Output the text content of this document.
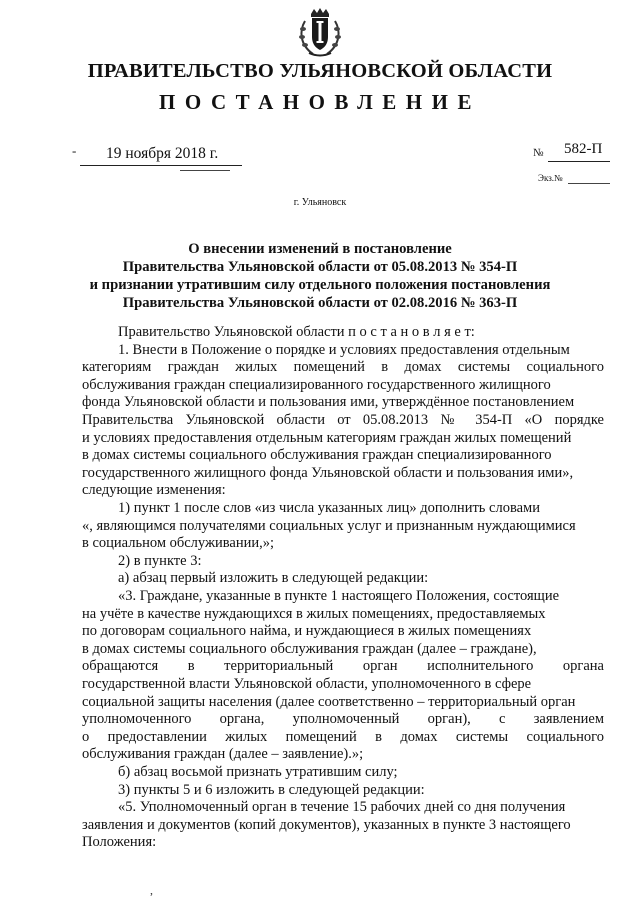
ПРАВИТЕЛЬСТВО УЛЬЯНОВСКОЙ ОБЛАСТИ
ПОСТАНОВЛЕНИЕ
- 19 ноября 2018 г.	№ 582-П
Экз.№
г. Ульяновск
О внесении изменений в постановление
Правительства Ульяновской области от 05.08.2013 № 354-П
и признании утратившим силу отдельного положения постановления
Правительства Ульяновской области от 02.08.2016 № 363-П
Правительство Ульяновской области п о с т а н о в л я е т:
1. Внести в Положение о порядке и условиях предоставления отдельным
категориям граждан жилых помещений в домах системы социального
обслуживания граждан специализированного государственного жилищного
фонда Ульяновской области и пользования ими, утверждённое постановлением
Правительства Ульяновской области от 05.08.2013 № 354-П «О порядке
и условиях предоставления отдельным категориям граждан жилых помещений
в домах системы социального обслуживания граждан специализированного
государственного жилищного фонда Ульяновской области и пользования ими»,
следующие изменения:
1) пункт 1 после слов «из числа указанных лиц» дополнить словами
«, являющимся получателями социальных услуг и признанным нуждающимися
в социальном обслуживании,»;
2) в пункте 3:
а) абзац первый изложить в следующей редакции:
«3. Граждане, указанные в пункте 1 настоящего Положения, состоящие
на учёте в качестве нуждающихся в жилых помещениях, предоставляемых
по договорам социального найма, и нуждающиеся в жилых помещениях
в домах системы социального обслуживания граждан (далее – граждане),
обращаются в территориальный орган исполнительного органа
государственной власти Ульяновской области, уполномоченного в сфере
социальной защиты населения (далее соответственно – территориальный орган
уполномоченного органа, уполномоченный орган), с заявлением
о предоставлении жилых помещений в домах системы социального
обслуживания граждан (далее – заявление).»;
б) абзац восьмой признать утратившим силу;
3) пункты 5 и 6 изложить в следующей редакции:
«5. Уполномоченный орган в течение 15 рабочих дней со дня получения
заявления и документов (копий документов), указанных в пункте 3 настоящего
Положения:
,
